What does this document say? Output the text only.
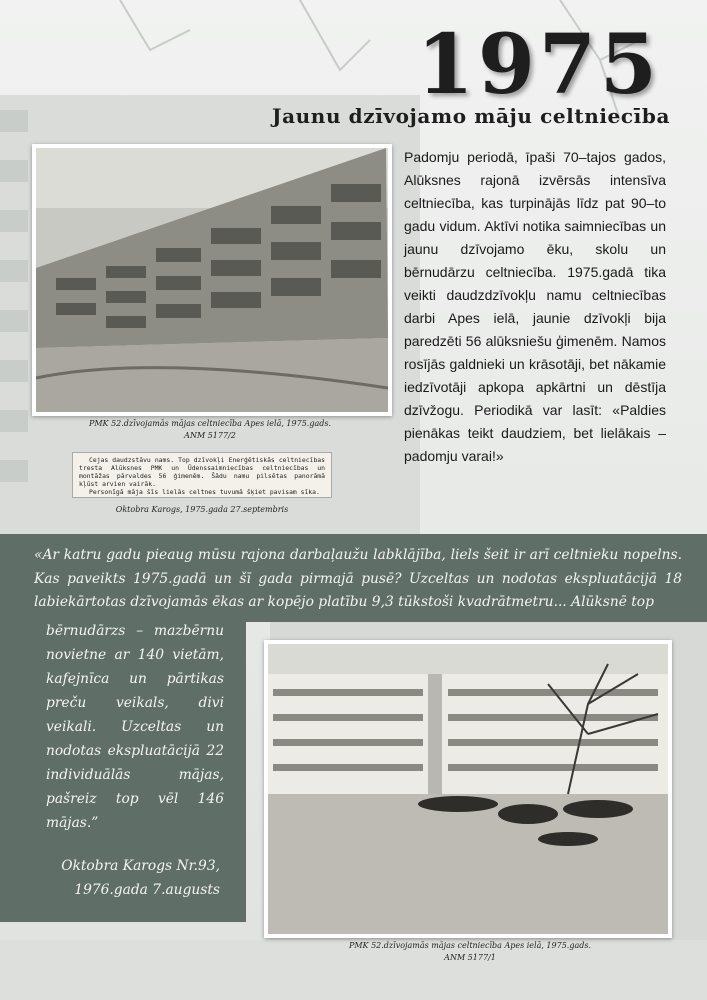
1975
Jaunu dzīvojamo māju celtniecība
PMK 52.dzīvojamās mājas celtniecība Apes ielā, 1975.gads.
ANM 5177/2

Cejas daudzstāvu nams. Top dzīvokļi Enerģētiskās celtniecības tresta Alūksnes PMK un Ūdenssaimniecības celtniecības un montāžas pārvaldes 56 ģimenēm. Šādu namu pilsētas panorāmā kļūst arvien vairāk.

Personīgā māja šīs lielās celtnes tuvumā šķiet pavisam sīka.

Oktobra Karogs, 1975.gada 27.septembris

Padomju periodā, īpaši 70–tajos gados, Alūksnes rajonā izvērsās intensīva celtniecība, kas turpinājās līdz pat 90–to gadu vidum. Aktīvi notika saimniecības un jaunu dzīvojamo ēku, skolu un bērnudārzu celtniecība. 1975.gadā tika veikti daudzdzīvokļu namu celtniecības darbi Apes ielā, jaunie dzīvokļi bija paredzēti 56 alūksniešu ģimenēm. Namos rosījās galdnieki un krāsotāji, bet nākamie iedzīvotāji apkopa apkārtni un dēstīja dzīvžogu. Periodikā var lasīt: «Paldies pienākas teikt daudziem, bet lielākais – padomju varai!»

«Ar katru gadu pieaug mūsu rajona darbaļaužu labklājība, liels šeit ir arī celtnieku nopelns. Kas paveikts 1975.gadā un šī gada pirmajā pusē? Uzceltas un nodotas ekspluatācijā 18 labiekārtotas dzīvojamās ēkas ar kopējo platību 9,3 tūkstoši kvadrātmetru... Alūksnē top

bērnudārzs – mazbērnu novietne ar 140 vietām, kafejnīca un pārtikas preču veikals, divi veikali. Uzceltas un nodotas ekspluatācijā 22 individuālās mājas, pašreiz top vēl 146 mājas.”

Oktobra Karogs Nr.93,
1976.gada 7.augusts

PMK 52.dzīvojamās mājas celtniecība Apes ielā, 1975.gads.
ANM 5177/1
